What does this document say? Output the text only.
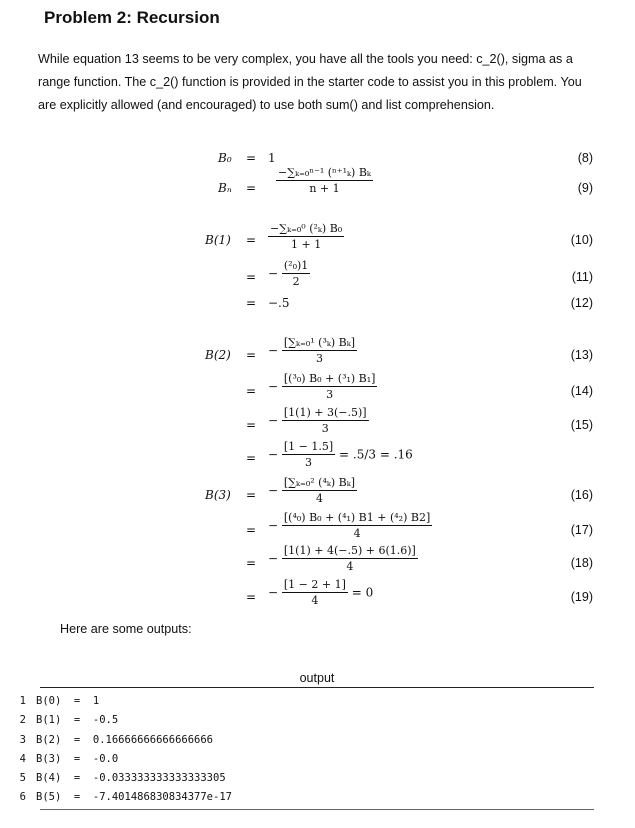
Problem 2: Recursion
While equation 13 seems to be very complex, you have all the tools you need: c_2(), sigma as a range function. The c_2() function is provided in the starter code to assist you in this problem. You are explicitly allowed (and encouraged) to use both sum() and list comprehension.
B₀ = 1	(8)
$B_n = \frac{\text{−∑ₖ₌₀ⁿ⁻¹ (ⁿ⁺¹ₖ) Bₖ}}{n + 1}$	(9)
$B(1) = \frac{\text{−∑ₖ₌₀⁰ (²ₖ) B₀}}{1 + 1}$	(10)
= − $\frac{\text{(²₀)1}}{2}$	(11)
= −.5	(12)
B(2) = − $\frac{\text{[∑ₖ₌₀¹ (³ₖ) Bₖ]}}{3}$	(13)
= − $\frac{\text{[(³₀) B₀ + (³₁) B₁]}}{3}$	(14)
= − $\frac{[1(1) + 3(-.5)]}{3}$	(15)
= − $\frac{[1 - 1.5]}{3} = .5/3 = .16$
B(3) = − $\frac{\text{[∑ₖ₌₀² (⁴ₖ) Bₖ]}}{4}$	(16)
= − $\frac{\text{[(⁴₀) B₀ + (⁴₁) B1 + (⁴₂) B2]}}{4}$	(17)
= − $\frac{[1(1) + 4(-.5) + 6(1.6)]}{4}$	(18)
= − $\frac{[1 - 2 + 1]}{4} = 0$	(19)
Here are some outputs:
output
1 B(0)  =  1
2 B(1)  =  -0.5
3 B(2)  =  0.16666666666666666
4 B(3)  =  -0.0
5 B(4)  =  -0.033333333333333305
6 B(5)  =  -7.401486830834377e-17
